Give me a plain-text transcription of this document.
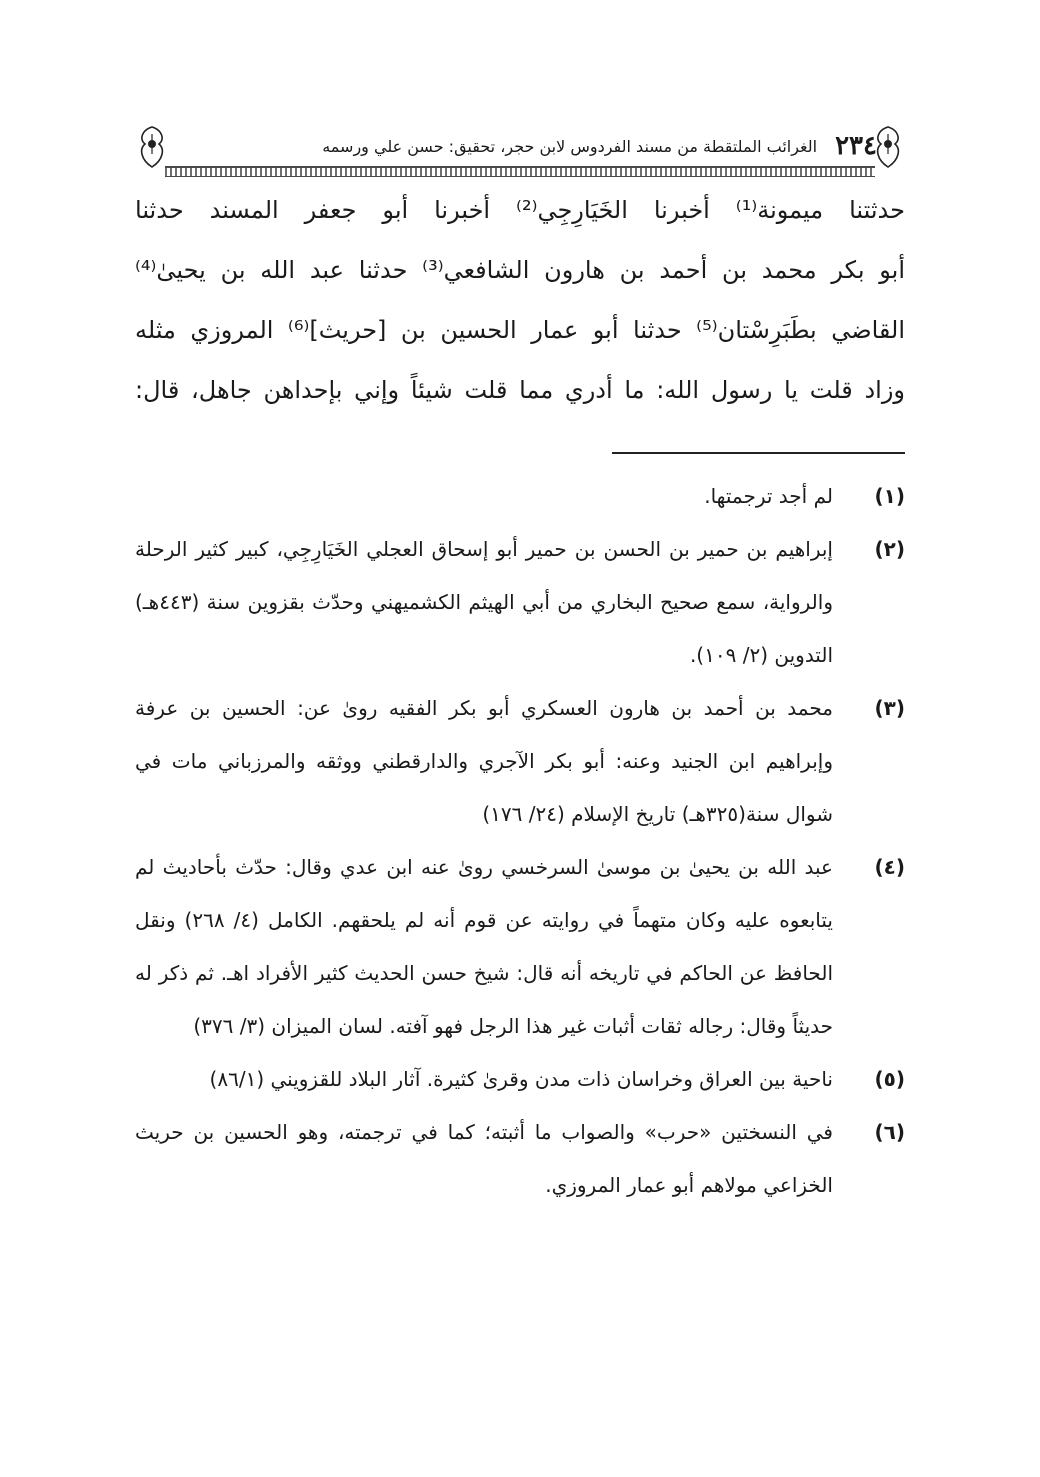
٢٣٤
الغرائب الملتقطة من مسند الفردوس لابن حجر، تحقيق: حسن علي ورسمه
حدثتنا ميمونة⁽¹⁾ أخبرنا الخَيَارِجِي⁽²⁾ أخبرنا أبو جعفر المسند حدثنا
أبو بكر محمد بن أحمد بن هارون الشافعي⁽³⁾ حدثنا عبد الله بن يحيىٰ⁽⁴⁾
القاضي بطَبَرِسْتان⁽⁵⁾ حدثنا أبو عمار الحسين بن [حريث]⁽⁶⁾ المروزي مثله
وزاد قلت يا رسول الله: ما أدري مما قلت شيئاً وإني بإحداهن جاهل، قال:
(١)
لم أجد ترجمتها.
(٢)
إبراهيم بن حمير بن الحسن بن حمير أبو إسحاق العجلي الخَيَارِجِي، كبير كثير الرحلة والرواية، سمع صحيح البخاري من أبي الهيثم الكشميهني وحدّث بقزوين سنة (٤٤٣هـ) التدوين (٢/ ١٠٩).
(٣)
محمد بن أحمد بن هارون العسكري أبو بكر الفقيه روىٰ عن: الحسين بن عرفة وإبراهيم ابن الجنيد وعنه: أبو بكر الآجري والدارقطني ووثقه والمرزباني مات في شوال سنة(٣٢٥هـ) تاريخ الإسلام (٢٤/ ١٧٦)
(٤)
عبد الله بن يحيىٰ بن موسىٰ السرخسي روىٰ عنه ابن عدي وقال: حدّث بأحاديث لم يتابعوه عليه وكان متهماً في روايته عن قوم أنه لم يلحقهم. الكامل (٤/ ٢٦٨) ونقل الحافظ عن الحاكم في تاريخه أنه قال: شيخ حسن الحديث كثير الأفراد اهـ. ثم ذكر له حديثاً وقال: رجاله ثقات أثبات غير هذا الرجل فهو آفته. لسان الميزان (٣/ ٣٧٦)
(٥)
ناحية بين العراق وخراسان ذات مدن وقرىٰ كثيرة. آثار البلاد للقزويني (٨٦/١)
(٦)
في النسختين «حرب» والصواب ما أثبته؛ كما في ترجمته، وهو الحسين بن حريث الخزاعي مولاهم أبو عمار المروزي.
